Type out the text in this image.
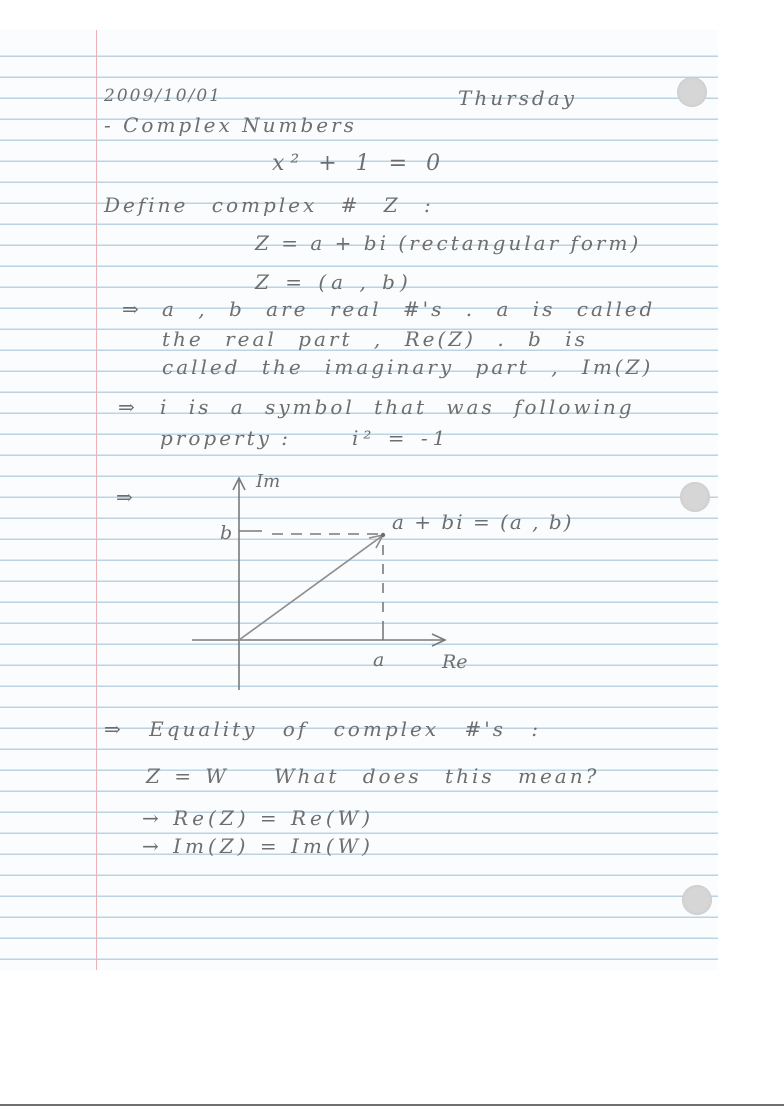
2009/10/01	Thursday
- Complex Numbers
x² + 1 = 0
Define complex # Z :
Z = a + bi (rectangular form)
Z = (a , b)
⇒ a , b are real #'s . a is called
the real part , Re(Z) . b is
called the imaginary part , Im(Z)
⇒ i is a symbol that was following
property :	i² = -1
⇒
Im
Re
b
a
a + bi = (a , b)
⇒ Equality of complex #'s :
Z = W What does this mean?
→ Re(Z) = Re(W)
→ Im(Z) = Im(W)
